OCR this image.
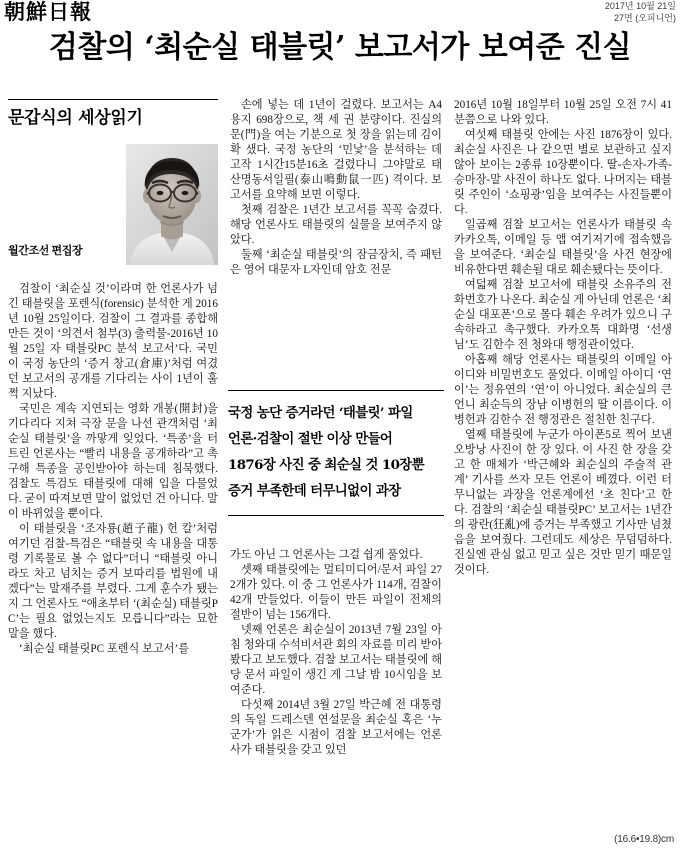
朝鮮日報	2017년 10월 21일
27면 (오피니언)
검찰의 ‘최순실 태블릿’ 보고서가 보여준 진실
문갑식의 세상읽기
월간조선 편집장

검찰이 ‘최순실 것’이라며 한 언론사가 넘긴 태블릿을 포렌식(forensic) 분석한 게 2016년 10월 25일이다. 검찰이 그 결과를 종합해 만든 것이 ‘의견서 첨부(3) 출력물-2016년 10월 25일 자 태블릿PC 분석 보고서’다. 국민이 국정 농단의 ‘증거 창고(倉庫)’처럼 여겼던 보고서의 공개를 기다리는 사이 1년이 훌쩍 지났다.

국민은 계속 지연되는 영화 개봉(開封)을 기다리다 지쳐 극장 문을 나선 관객처럼 ‘최순실 태블릿’을 까맣게 잊었다. ‘특종’을 터트린 언론사는 “빨리 내용을 공개하라”고 촉구해 특종을 공인받아야 하는데 침묵했다. 검찰도 특검도 태블릿에 대해 입을 다물었다. 굳이 따져보면 말이 없었던 건 아니다. 말이 바뀌었을 뿐이다.

이 태블릿을 ‘조자룡(趙子龍) 헌 칼’처럼 여기던 검찰-특검은 “태블릿 속 내용을 대통령 기록물로 볼 수 없다”더니 “태블릿 아니라도 차고 넘치는 증거 보따리를 법원에 내겠다”는 말재주를 부렸다. 그게 훈수가 됐는지 그 언론사도 “애초부터 ‘(최순실) 태블릿PC’는 필요 없었는지도 모릅니다”라는 묘한 말을 했다.

‘최순실 태블릿PC 포렌식 보고서’를

손에 넣는 데 1년이 걸렸다. 보고서는 A4 용지 698장으로, 책 세 권 분량이다. 진실의 문(門)을 여는 기분으로 첫 장을 읽는데 김이 확 샜다. 국정 농단의 ‘민낯’을 분석하는 데 고작 1시간15분16초 걸렸다니 그야말로 태산명동서일필(泰山鳴動鼠一匹) 격이다. 보고서를 요약해 보면 이렇다.

첫째 검찰은 1년간 보고서를 꼭꼭 숨겼다. 해당 언론사도 태블릿의 실물을 보여주지 않았다.

둘째 ‘최순실 태블릿’의 잠금장치, 즉 패턴은 영어 대문자 L자인데 암호 전문

국정 농단 증거라던 ‘태블릿’ 파일
언론·검찰이 절반 이상 만들어
1876장 사진 중 최순실 것 10장뿐
증거 부족한데 터무니없이 과장

가도 아닌 그 언론사는 그걸 쉽게 풀었다.

셋째 태블릿에는 멀티미디어/문서 파일 272개가 있다. 이 중 그 언론사가 114개, 검찰이 42개 만들었다. 이들이 만든 파일이 전체의 절반이 넘는 156개다.

넷째 언론은 최순실이 2013년 7월 23일 아침 청와대 수석비서관 회의 자료를 미리 받아봤다고 보도했다. 검찰 보고서는 태블릿에 해당 문서 파일이 생긴 게 그날 밤 10시임을 보여준다.

다섯째 2014년 3월 27일 박근혜 전 대통령의 독일 드레스덴 연설문을 최순실 혹은 ‘누군가’가 읽은 시점이 검찰 보고서에는 언론사가 태블릿을 갖고 있던

2016년 10월 18일부터 10월 25일 오전 7시 41분쯤으로 나와 있다.

여섯째 태블릿 안에는 사진 1876장이 있다. 최순실 사진은 나 같으면 별로 보관하고 싶지 않아 보이는 2종류 10장뿐이다. 딸-손자-가족-승마장-말 사진이 하나도 없다. 나머지는 태블릿 주인이 ‘쇼핑광’임을 보여주는 사진들뿐이다.

일곱째 검찰 보고서는 언론사가 태블릿 속 카카오톡, 이메일 등 앱 여기저기에 접속했음을 보여준다. ‘최순실 태블릿’을 사건 현장에 비유한다면 훼손될 대로 훼손됐다는 뜻이다.

여덟째 검찰 보고서에 태블릿 소유주의 전화번호가 나온다. 최순실 게 아닌데 언론은 ‘최순실 대포폰’으로 몰다 훼손 우려가 있으니 구속하라고 촉구했다. 카카오톡 대화명 ‘선생님’도 김한수 전 청와대 행정관이었다.

아홉째 해당 언론사는 태블릿의 이메일 아이디와 비밀번호도 풀었다. 이메일 아이디 ‘연이’는 정유연의 ‘연’이 아니었다. 최순실의 큰언니 최순득의 장남 이병헌의 딸 이름이다. 이병헌과 김한수 전 행정관은 절친한 친구다.

열째 태블릿에 누군가 아이폰5로 찍어 보낸 오방낭 사진이 한 장 있다. 이 사진 한 장을 갖고 한 매체가 ‘박근혜와 최순실의 주술적 관계’ 기사를 쓰자 모든 언론이 베꼈다. 이런 터무니없는 과장을 언론계에선 ‘초 친다’고 한다. 검찰의 ‘최순실 태블릿PC’ 보고서는 1년간의 광란(狂亂)에 증거는 부족했고 기사만 넘쳤음을 보여줬다. 그런데도 세상은 무덤덤하다. 진실엔 관심 없고 믿고 싶은 것만 믿기 때문일 것이다.

(16.6•19.8)cm
